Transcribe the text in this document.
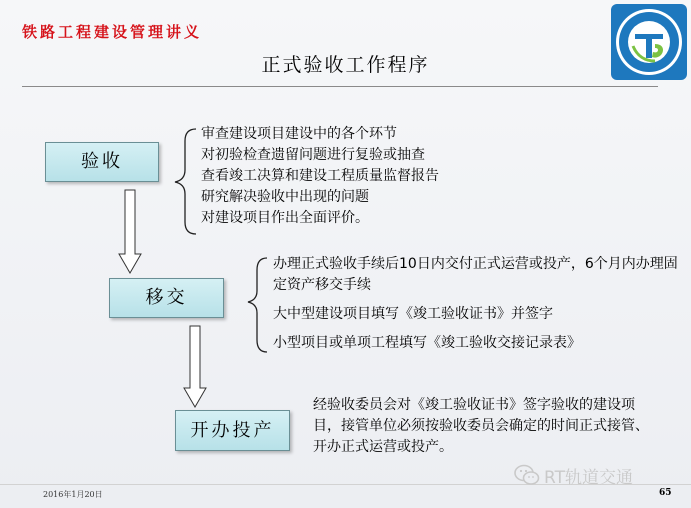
铁路工程建设管理讲义
正式验收工作程序
验收
移交
开办投产
审查建设项目建设中的各个环节
对初验检查遗留问题进行复验或抽查
查看竣工决算和建设工程质量监督报告
研究解决验收中出现的问题
对建设项目作出全面评价。
办理正式验收手续后10日内交付正式运营或投产，6个月内办理固定资产移交手续
大中型建设项目填写《竣工验收证书》并签字
小型项目或单项工程填写《竣工验收交接记录表》
经验收委员会对《竣工验收证书》签字验收的建设项目，接管单位必须按验收委员会确定的时间正式接管、开办正式运营或投产。
2016年1月20日
RT轨道交通
65
